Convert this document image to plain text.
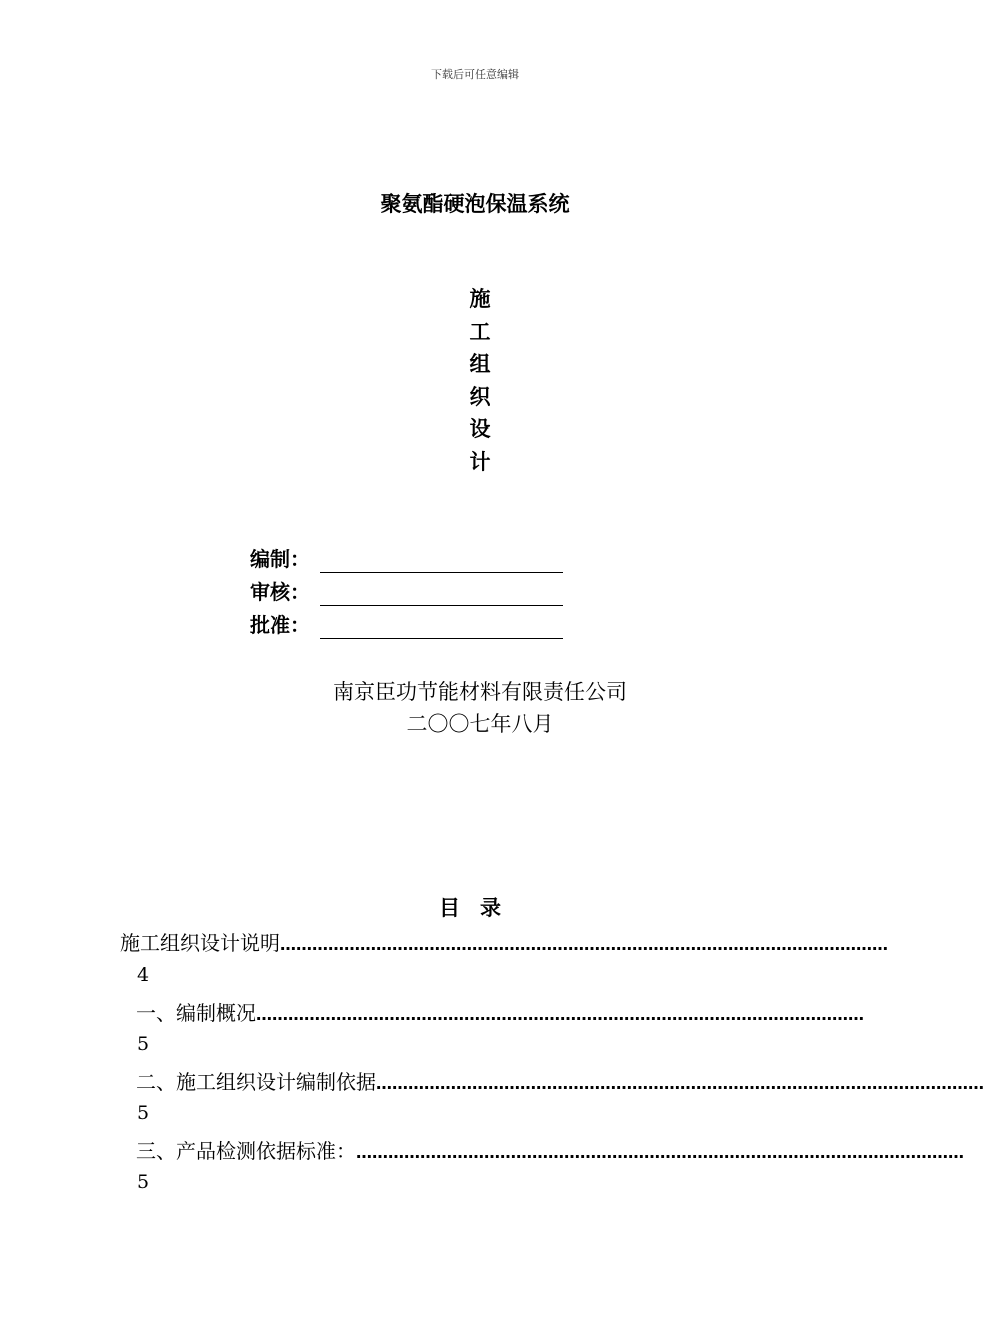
下载后可任意编辑
聚氨酯硬泡保温系统
施
工
组
织
设
计
编制：
审核：
批准：
南京臣功节能材料有限责任公司
二〇〇七年八月
目录
施工组织设计说明 ……………………………………………………………………………………………………
4
一、 编制概况 ……………………………………………………………………………………………………
5
二、 施工组织设计编制依据 ……………………………………………………………………………………………………
5
三、 产品检测依据标准： ……………………………………………………………………………………………………
5
